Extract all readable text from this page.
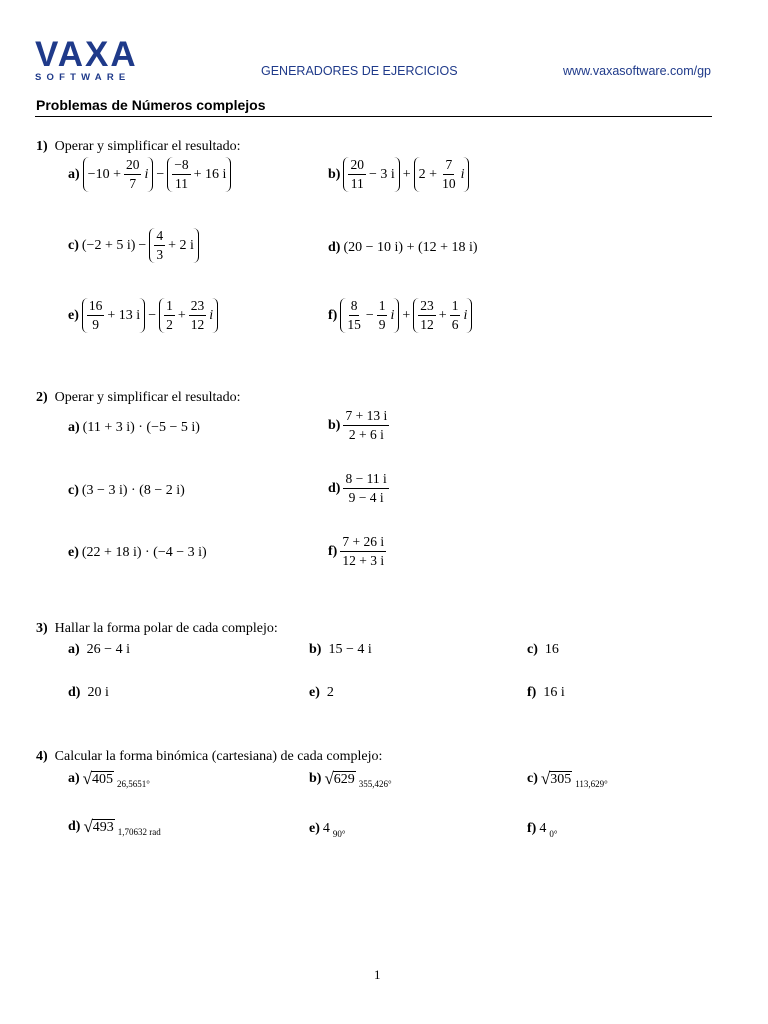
VAXA
SOFTWARE	GENERADORES DE EJERCICIOS	www.vaxasoftware.com/gp
Problemas de Números complejos
1) Operar y simplificar el resultado:
$a) -10 + \frac{20}{7}$ $i - \frac{-8}{11} + 16$ i	$b) \frac{20}{11} - 3$ $i + 2 + \frac{7}{10}$ i
c) (−2 + 5 $i) - \frac{4}{3} + 2$ i	d) (20 − 10 i) + (12 + 18 i)
$e) \frac{16}{9} + 13$ $i - \frac{1}{2} + \frac{23}{12}$ i	$f) \frac{8}{15} - \frac{1}{9}$ $i + \frac{23}{12} + \frac{1}{6}$ i
2) Operar y simplificar el resultado:
a) (11 + 3 i) · (−5 − 5 i)	$b) \frac{7 + 13 i}{2 + 6 i}$
c) (3 − 3 i) · (8 − 2 i)	$d) \frac{8 - 11 i}{9 - 4 i}$
e) (22 + 18 i) · (−4 − 3 i)	$f) \frac{7 + 26 i}{12 + 3 i}$
3) Hallar la forma polar de cada complejo:
a) 26 − 4 i	b) 15 − 4 i	c) 16
d) 20 i	e) 2	f) 16 i
4) Calcular la forma binómica (cartesiana) de cada complejo:
a) √ 405 26,5651°	b) √ 629 355,426°	c) √ 305 113,629°
d) √ 493 1,70632 rad	e) 4 90°	f) 4 0°
1
